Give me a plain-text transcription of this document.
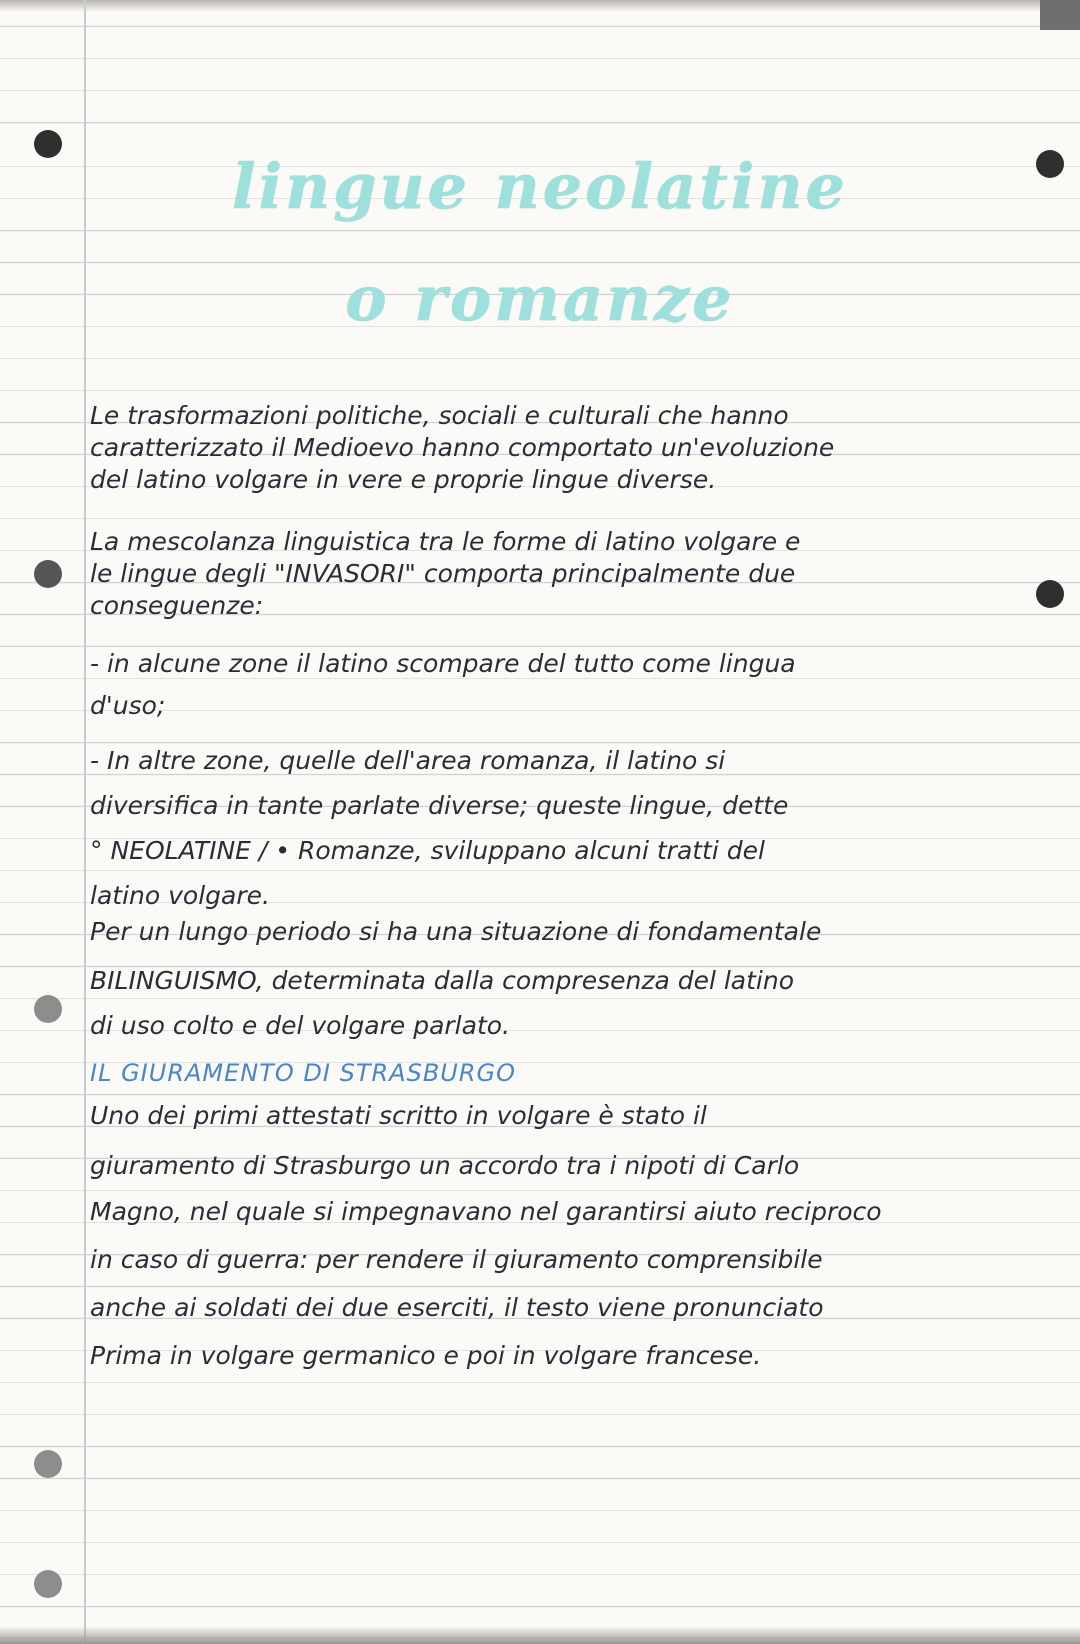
lingue neolatine
o romanze

Le trasformazioni politiche, sociali e culturali che hanno

caratterizzato il Medioevo hanno comportato un'evoluzione

del latino volgare in vere e proprie lingue diverse.

La mescolanza linguistica tra le forme di latino volgare e

le lingue degli "INVASORI" comporta principalmente due

conseguenze:

- in alcune zone il latino scompare del tutto come lingua

d'uso;

- In altre zone, quelle dell'area romanza, il latino si

diversifica in tante parlate diverse; queste lingue, dette

° NEOLATINE / • Romanze, sviluppano alcuni tratti del

latino volgare.

Per un lungo periodo si ha una situazione di fondamentale

BILINGUISMO, determinata dalla compresenza del latino

di uso colto e del volgare parlato.

IL GIURAMENTO DI STRASBURGO

Uno dei primi attestati scritto in volgare è stato il

giuramento di Strasburgo un accordo tra i nipoti di Carlo

Magno, nel quale si impegnavano nel garantirsi aiuto reciproco

in caso di guerra: per rendere il giuramento comprensibile

anche ai soldati dei due eserciti, il testo viene pronunciato

Prima in volgare germanico e poi in volgare francese.
